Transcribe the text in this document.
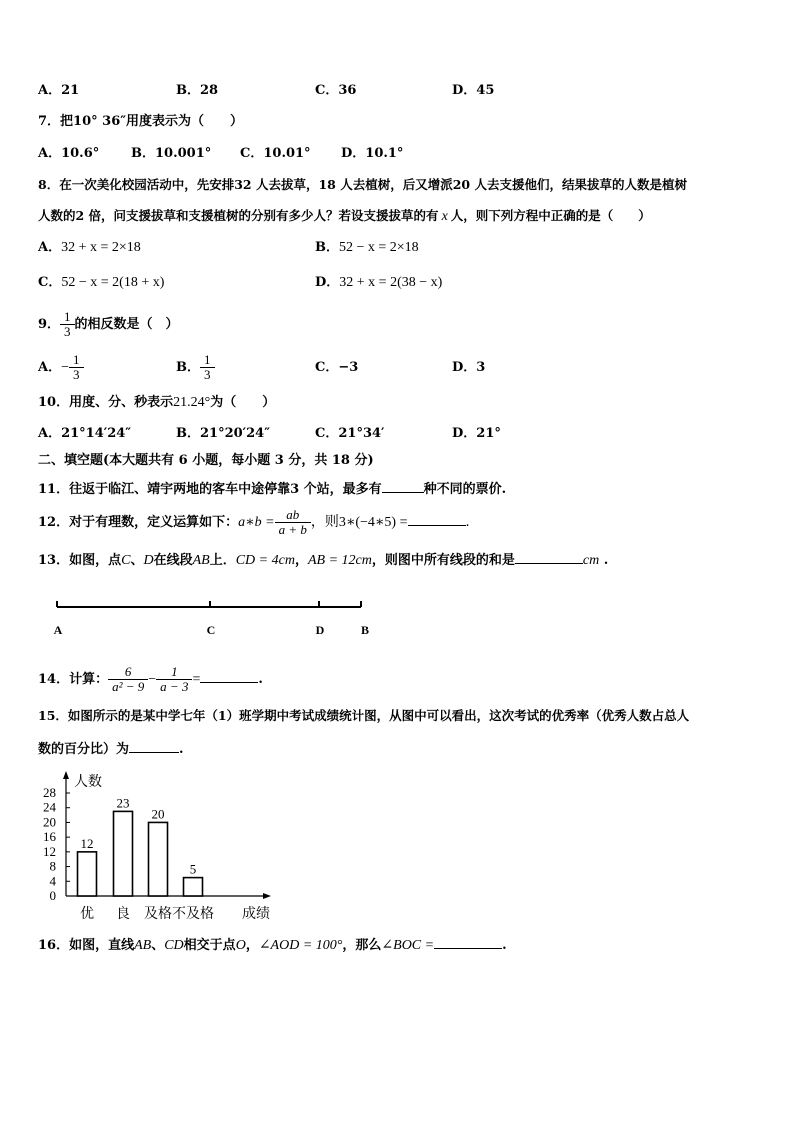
A．21	B．28	C．36	D．45
7．把10° 36″用度表示为（　　）
A．10.6° B．10.001° C．10.01° D．10.1°
8．在一次美化校园活动中，先安排32 人去拔草，18 人去植树，后又增派20 人去支援他们，结果拔草的人数是植树
人数的2 倍，问支援拔草和支援植树的分别有多少人？若设支援拔草的有 x 人，则下列方程中正确的是（　　）
A．32 + x = 2×18	B．52 − x = 2×18
C．52 − x = 2(18 + x)	D．32 + x = 2(38 − x)
9． $\frac{1}{3}$ 的相反数是（　）
A．− $\frac{1}{3}$	B． $\frac{1}{3}$	C．−3	D．3
10．用度、分、秒表示21.24°为（　　）
A．21°14′24″	B．21°20′24″	C．21°34′	D．21°
二、填空题(本大题共有 6 小题，每小题 3 分，共 18 分)
11．往返于临江、靖宇两地的客车中途停靠3 个站，最多有	种不同的票价.
12．对于有理数，定义运算如下：a∗b = $\frac{ab}{a + b}$ ，则3∗(−4∗5) =	.
13．如图，点C、D在线段AB上．CD = 4cm，AB = 12cm，则图中所有线段的和是	cm .
A	C	D	B
14．计算： $\frac{6}{\text{a² − 9}} - \frac{1}{a - 3}$ =	.
15．如图所示的是某中学七年（1）班学期中考试成绩统计图，从图中可以看出，这次考试的优秀率（优秀人数占总人
数的百分比）为	.
人数
成绩
0
4
8
12
16
20
24
28
12
优
23
良
20
及格
5
不及格
16．如图，直线AB、CD相交于点O，∠AOD = 100°，那么∠BOC =	.
